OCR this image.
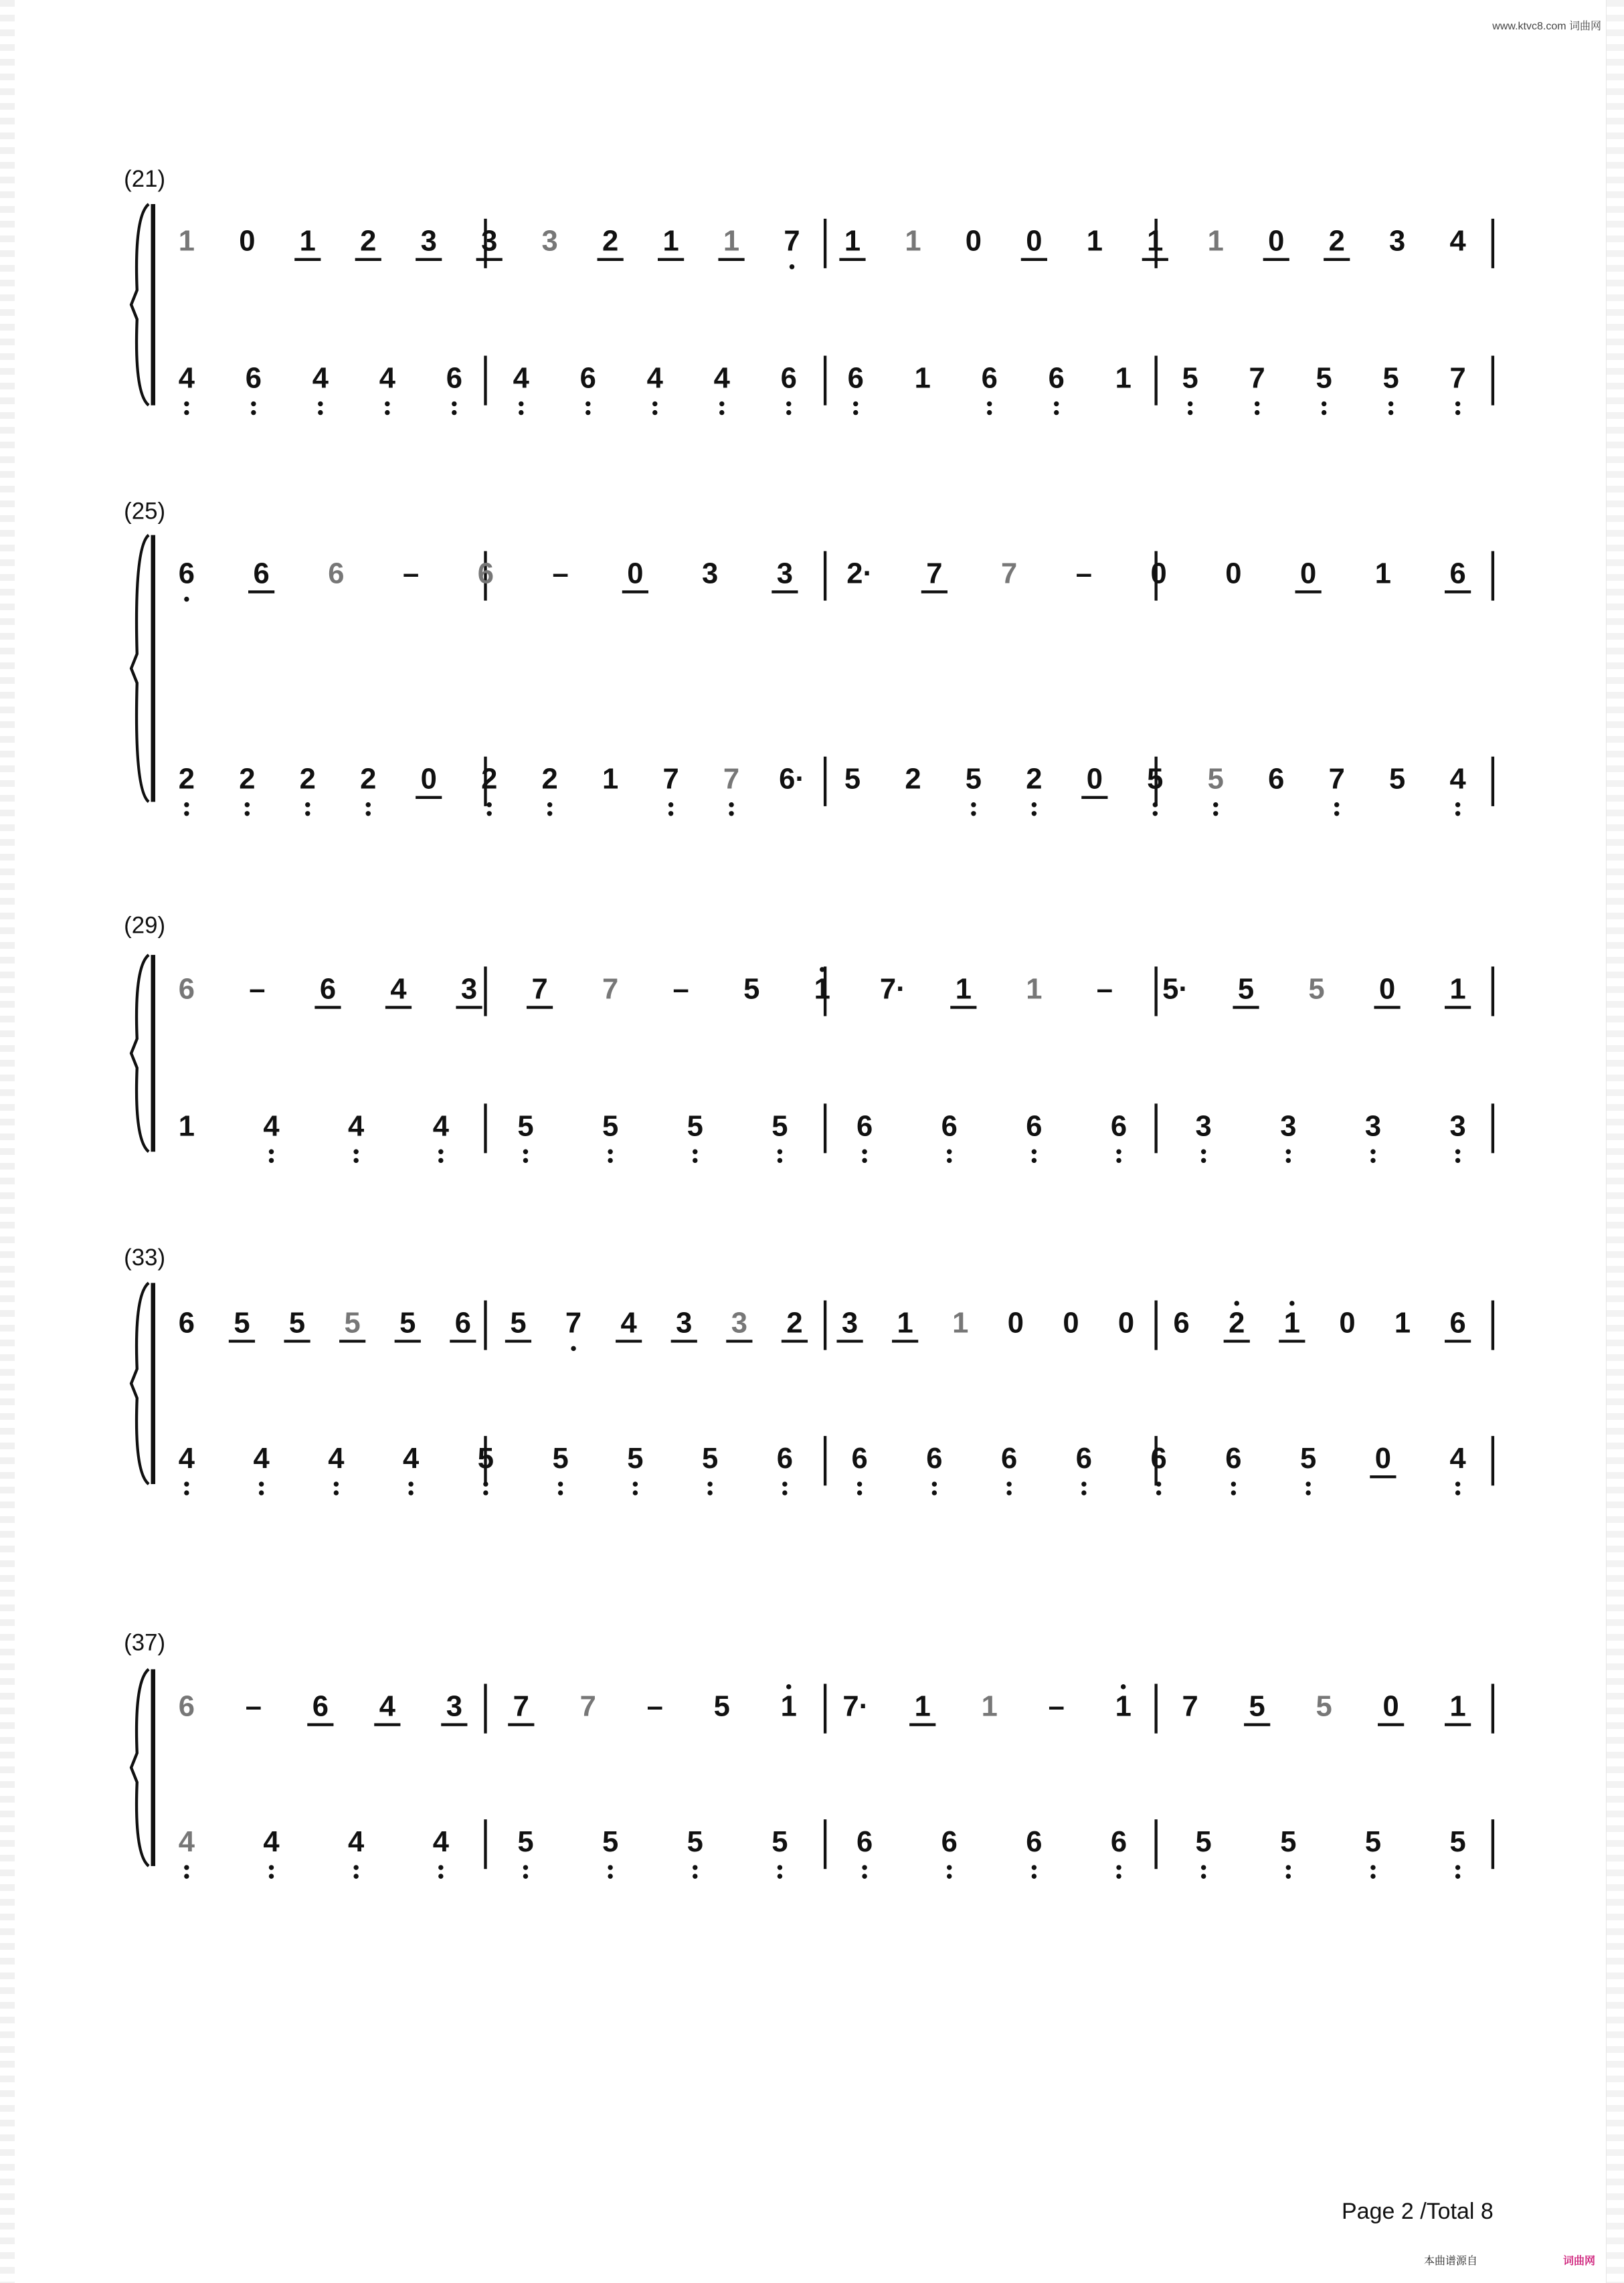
www.ktvc8.com 词曲网
(21)
1	0	1	2	3	3	3	2	1	1	7	1	1	0	0	1	1	1	0	2	3	4
4	6	4	4	6	4	6	4	4	6	6	1	6	6	1	5	7	5	5	7
(25)
6	6	6	–	6	–	0	3	3	2·	7	7	–	0	0	0	1	6
2	2	2	2	0	2	2	1	7	7	6·	5	2	5	2	0	5	5	6	7	5	4
(29)
6	–	6	4	3	7	7	–	5	1	7·	1	1	–	5·	5	5	0	1
1	4	4	4	5	5	5	5	6	6	6	6	3	3	3	3
(33)
6	5	5	5	5	6	5	7	4	3	3	2	3	1	1	0	0	0	6	2	1	0	1	6
4	4	4	4	5	5	5	5	6	6	6	6	6	6	6	5	0	4
(37)
6	–	6	4	3	7	7	–	5	1	7·	1	1	–	1	7	5	5	0	1
4	4	4	4	5	5	5	5	6	6	6	6	5	5	5	5
Page 2 /Total 8
本曲谱源自	词曲网
